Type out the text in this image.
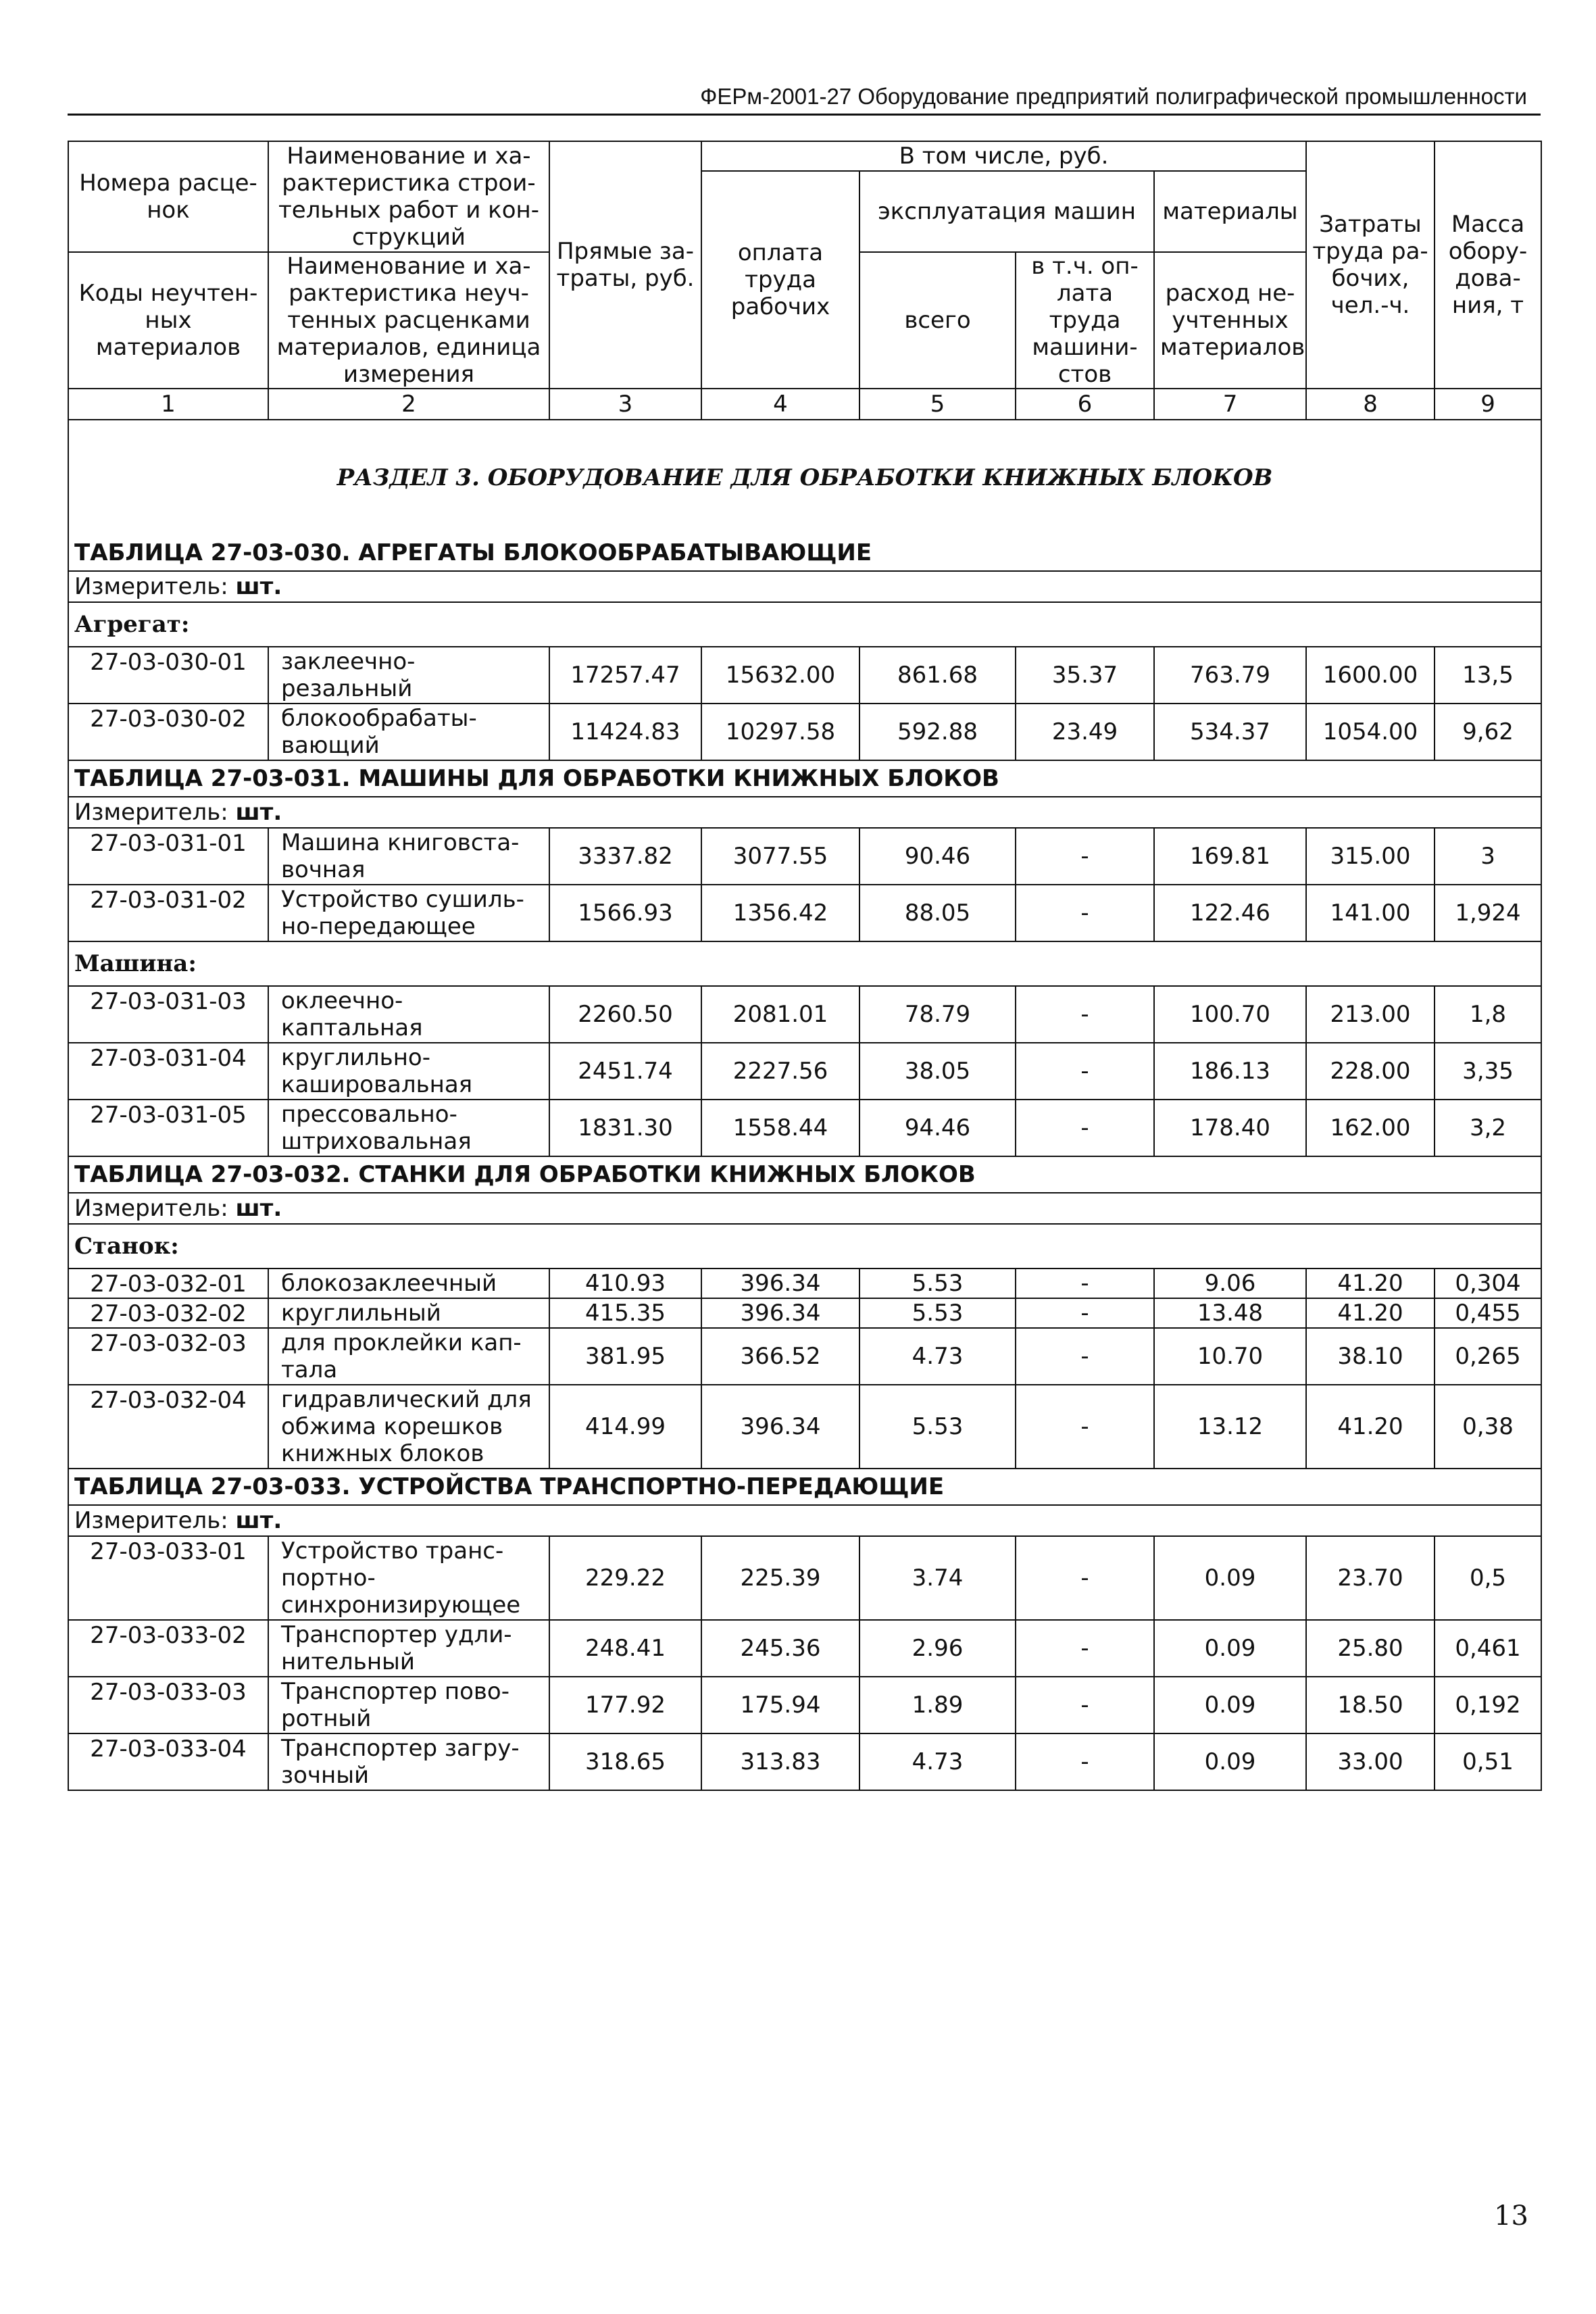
ФЕРм-2001-27 Оборудование предприятий полиграфической промышленности
Номера расце-нок	Наименование и ха-рактеристика строи-тельных работ и кон-струкций	Прямые за-траты, руб.	В том числе, руб.				Затраты труда ра-бочих, чел.-ч.	Масса обору-дова-ния, т
			оплата труда рабочих	эксплуатация машин		материалы		
Коды неучтен-ных материалов	Наименование и ха-рактеристика неуч-тенных расценками материалов, единица измерения			всего	в т.ч. оп-лата труда машини-стов	расход не-учтенных материалов		

1	2	3	4	5	6	7	8	9
РАЗДЕЛ 3. ОБОРУДОВАНИЕ ДЛЯ ОБРАБОТКИ КНИЖНЫХ БЛОКОВ								
ТАБЛИЦА 27-03-030. АГРЕГАТЫ БЛОКООБРАБАТЫВАЮЩИЕ								
Измеритель: шт.								
Агрегат:								
27-03-030-01	заклеечно-резальный	17257.47	15632.00	861.68	35.37	763.79	1600.00	13,5
27-03-030-02	блокообрабаты-вающий	11424.83	10297.58	592.88	23.49	534.37	1054.00	9,62
ТАБЛИЦА 27-03-031. МАШИНЫ ДЛЯ ОБРАБОТКИ КНИЖНЫХ БЛОКОВ								
Измеритель: шт.								
27-03-031-01	Машина книговста-вочная	3337.82	3077.55	90.46	-	169.81	315.00	3
27-03-031-02	Устройство сушиль-но-передающее	1566.93	1356.42	88.05	-	122.46	141.00	1,924
Машина:								
27-03-031-03	оклеечно-каптальная	2260.50	2081.01	78.79	-	100.70	213.00	1,8
27-03-031-04	круглильно-кашировальная	2451.74	2227.56	38.05	-	186.13	228.00	3,35
27-03-031-05	прессовально-штриховальная	1831.30	1558.44	94.46	-	178.40	162.00	3,2
ТАБЛИЦА 27-03-032. СТАНКИ ДЛЯ ОБРАБОТКИ КНИЖНЫХ БЛОКОВ								
Измеритель: шт.								
Станок:								
27-03-032-01	блокозаклеечный	410.93	396.34	5.53	-	9.06	41.20	0,304
27-03-032-02	круглильный	415.35	396.34	5.53	-	13.48	41.20	0,455
27-03-032-03	для проклейки кап-тала	381.95	366.52	4.73	-	10.70	38.10	0,265
27-03-032-04	гидравлический для обжима корешков книжных блоков	414.99	396.34	5.53	-	13.12	41.20	0,38
ТАБЛИЦА 27-03-033. УСТРОЙСТВА ТРАНСПОРТНО-ПЕРЕДАЮЩИЕ								
Измеритель: шт.								
27-03-033-01	Устройство транс-портно-синхронизирующее	229.22	225.39	3.74	-	0.09	23.70	0,5
27-03-033-02	Транспортер удли-нительный	248.41	245.36	2.96	-	0.09	25.80	0,461
27-03-033-03	Транспортер пово-ротный	177.92	175.94	1.89	-	0.09	18.50	0,192
27-03-033-04	Транспортер загру-зочный	318.65	313.83	4.73	-	0.09	33.00	0,51
13
